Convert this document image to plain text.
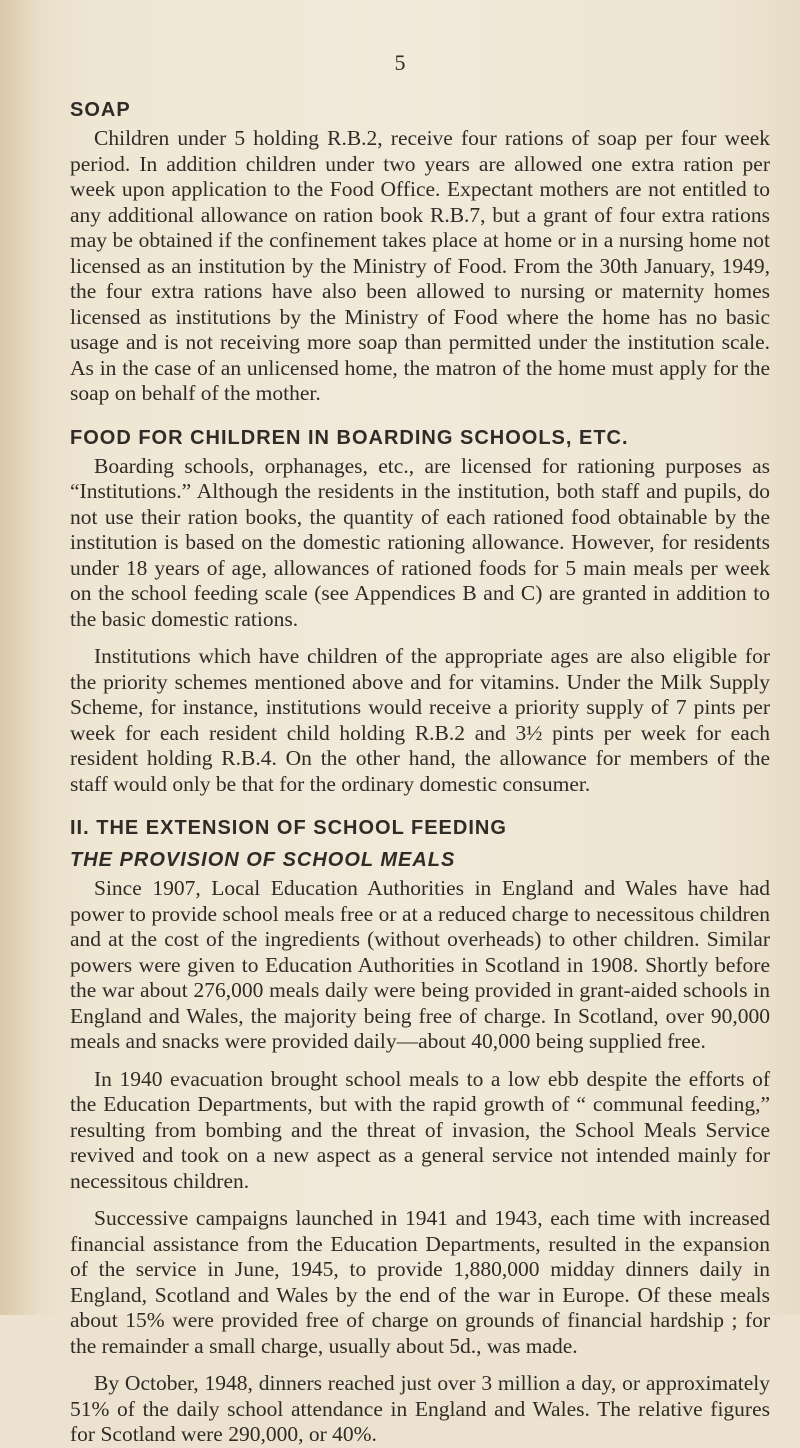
5
SOAP

Children under 5 holding R.B.2, receive four rations of soap per four week period. In addition children under two years are allowed one extra ration per week upon application to the Food Office. Expectant mothers are not entitled to any additional allowance on ration book R.B.7, but a grant of four extra rations may be obtained if the confinement takes place at home or in a nursing home not licensed as an institution by the Ministry of Food. From the 30th January, 1949, the four extra rations have also been allowed to nursing or maternity homes licensed as institutions by the Ministry of Food where the home has no basic usage and is not receiving more soap than permitted under the institution scale. As in the case of an unlicensed home, the matron of the home must apply for the soap on behalf of the mother.

FOOD FOR CHILDREN IN BOARDING SCHOOLS, ETC.

Boarding schools, orphanages, etc., are licensed for rationing purposes as “Institutions.” Although the residents in the institution, both staff and pupils, do not use their ration books, the quantity of each rationed food obtainable by the institution is based on the domestic rationing allowance. However, for residents under 18 years of age, allowances of rationed foods for 5 main meals per week on the school feeding scale (see Appendices B and C) are granted in addition to the basic domestic rations.

Institutions which have children of the appropriate ages are also eligible for the priority schemes mentioned above and for vitamins. Under the Milk Supply Scheme, for instance, institutions would receive a priority supply of 7 pints per week for each resident child holding R.B.2 and 3½ pints per week for each resident holding R.B.4. On the other hand, the allowance for members of the staff would only be that for the ordinary domestic consumer.

II. THE EXTENSION OF SCHOOL FEEDING
THE PROVISION OF SCHOOL MEALS

Since 1907, Local Education Authorities in England and Wales have had power to provide school meals free or at a reduced charge to necessitous children and at the cost of the ingredients (without overheads) to other children. Similar powers were given to Education Authorities in Scotland in 1908. Shortly before the war about 276,000 meals daily were being provided in grant-aided schools in England and Wales, the majority being free of charge. In Scotland, over 90,000 meals and snacks were provided daily—about 40,000 being supplied free.

In 1940 evacuation brought school meals to a low ebb despite the efforts of the Education Departments, but with the rapid growth of “ communal feeding,” resulting from bombing and the threat of invasion, the School Meals Service revived and took on a new aspect as a general service not intended mainly for necessitous children.

Successive campaigns launched in 1941 and 1943, each time with increased financial assistance from the Education Departments, resulted in the expansion of the service in June, 1945, to provide 1,880,000 midday dinners daily in England, Scotland and Wales by the end of the war in Europe. Of these meals about 15% were provided free of charge on grounds of financial hardship ; for the remainder a small charge, usually about 5d., was made.

By October, 1948, dinners reached just over 3 million a day, or approximately 51% of the daily school attendance in England and Wales. The relative figures for Scotland were 290,000, or 40%.
